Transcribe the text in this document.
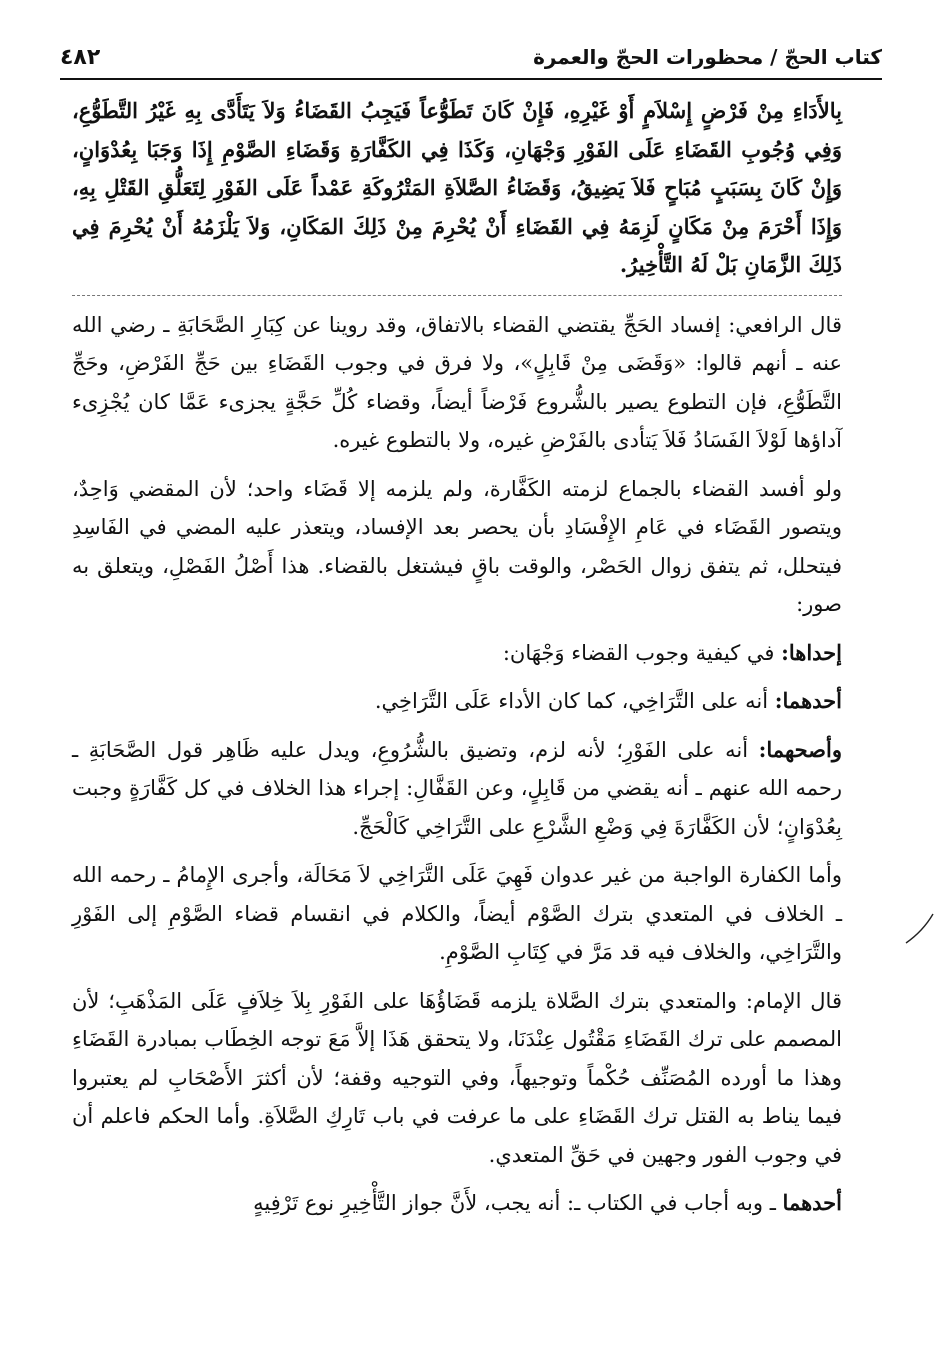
كتاب الحجّ / محظورات الحجّ والعمرة
٤٨٢

بِالأَدَاءِ مِنْ فَرْضٍ إِسْلاَمٍ أَوْ غَيْرِهِ، فَإِنْ كَانَ تَطَوُّعاً فَيَجِبُ القَضَاءُ وَلاَ يَتَأَدَّى بِهِ غَيْرُ التَّطَوُّعِ، وَفِي وُجُوبِ القَضَاءِ عَلَى الفَوْرِ وَجْهَانِ، وَكَذَا فِي الكَفَّارَةِ وَقَضَاءِ الصَّوْمِ إِذَا وَجَبَا بِعُدْوَانٍ، وَإِنْ كَانَ بِسَبَبٍ مُبَاحٍ فَلاَ يَضِيقُ، وَقَضَاءُ الصَّلاَةِ المَتْرُوكَةِ عَمْداً عَلَى الفَوْرِ لِتَعَلُّقِ القَتْلِ بِهِ، وَإِذَا أَحْرَمَ مِنْ مَكَانٍ لَزِمَهُ فِي القَضَاءِ أَنْ يُحْرِمَ مِنْ ذَلِكَ المَكَانِ، وَلاَ يَلْزَمُهُ أَنْ يُحْرِمَ فِي ذَلِكَ الزَّمَانِ بَلْ لَهُ التَّأْخِيرُ.

قال الرافعي: إفساد الحَجِّ يقتضي القضاء بالاتفاق، وقد روينا عن كِبَارِ الصَّحَابَةِ ـ رضي الله عنه ـ أنهم قالوا: «وَقَضَى مِنْ قَابِلٍ»، ولا فرق في وجوب القَضَاءِ بين حَجِّ الفَرْضِ، وحَجِّ التَّطَوُّعِ، فإن التطوع يصير بالشُّروع فَرْضاً أيضاً، وقضاء كُلِّ حَجَّةٍ يجزىء عَمَّا كان يُجْزِىء آداؤها لَوْلاَ الفَسَادُ فَلاَ يَتأدى بالفَرْضِ غيره، ولا بالتطوع غيره.

ولو أفسد القضاء بالجماع لزمته الكَفَّارة، ولم يلزمه إلا قَضَاء واحد؛ لأن المقضي وَاحِدٌ، ويتصور القَضَاء في عَامِ الإِفْسَادِ بأن يحصر بعد الإفساد، ويتعذر عليه المضي في الفَاسِدِ فيتحلل، ثم يتفق زوال الحَصْر، والوقت باقٍ فيشتغل بالقضاء. هذا أَصْلُ الفَصْلِ، ويتعلق به صور:

إحداها: في كيفية وجوب القضاء وَجْهَان:

أحدهما: أنه على التَّرَاخِي، كما كان الأداء عَلَى التَّرَاخِي.

وأصحهما: أنه على الفَوْرِ؛ لأنه لزم، وتضيق بالشُّرُوعِ، ويدل عليه ظَاهِر قول الصَّحَابَةِ ـ رحمه الله عنهم ـ أنه يقضي من قَابِلٍ، وعن القَفَّالِ: إجراء هذا الخلاف في كل كَفَّارَةٍ وجبت بِعُدْوَانٍ؛ لأن الكَفَّارَةَ فِي وَضْعِ الشَّرْعِ على التَّرَاخِي كَالْحَجِّ.

وأما الكفارة الواجبة من غير عدوان فَهِيَ عَلَى التَّرَاخِي لاَ مَحَالَة، وأجرى الإِمامُ ـ رحمه الله ـ الخلاف في المتعدي بترك الصَّوْم أيضاً، والكلام في انقسام قضاء الصَّوْمِ إلى الفَوْرِ والتَّرَاخِي، والخلاف فيه قد مَرَّ في كِتَابِ الصَّوْمِ.

قال الإمام: والمتعدي بترك الصَّلاة يلزمه قَضَاؤُهَا على الفَوْرِ بِلاَ خِلاَفٍ عَلَى المَذْهَبِ؛ لأن المصمم على ترك القَضَاءِ مَقْتُول عِنْدَنَا، ولا يتحقق هَذَا إلاَّ مَعَ توجه الخِطَاب بمبادرة القَضَاءِ وهذا ما أورده المُصَنِّف حُكْماً وتوجيهاً، وفي التوجيه وقفة؛ لأن أكثرَ الأَصْحَابِ لم يعتبروا فيما يناط به القتل ترك القَضَاءِ على ما عرفت في باب تَارِكِ الصَّلاَةِ. وأما الحكم فاعلم أن في وجوب الفور وجهين في حَقِّ المتعدي.

أحدهما ـ وبه أجاب في الكتاب ـ: أنه يجب، لأَنَّ جواز التَّأْخِيرِ نوع تَرْفِيهٍ
